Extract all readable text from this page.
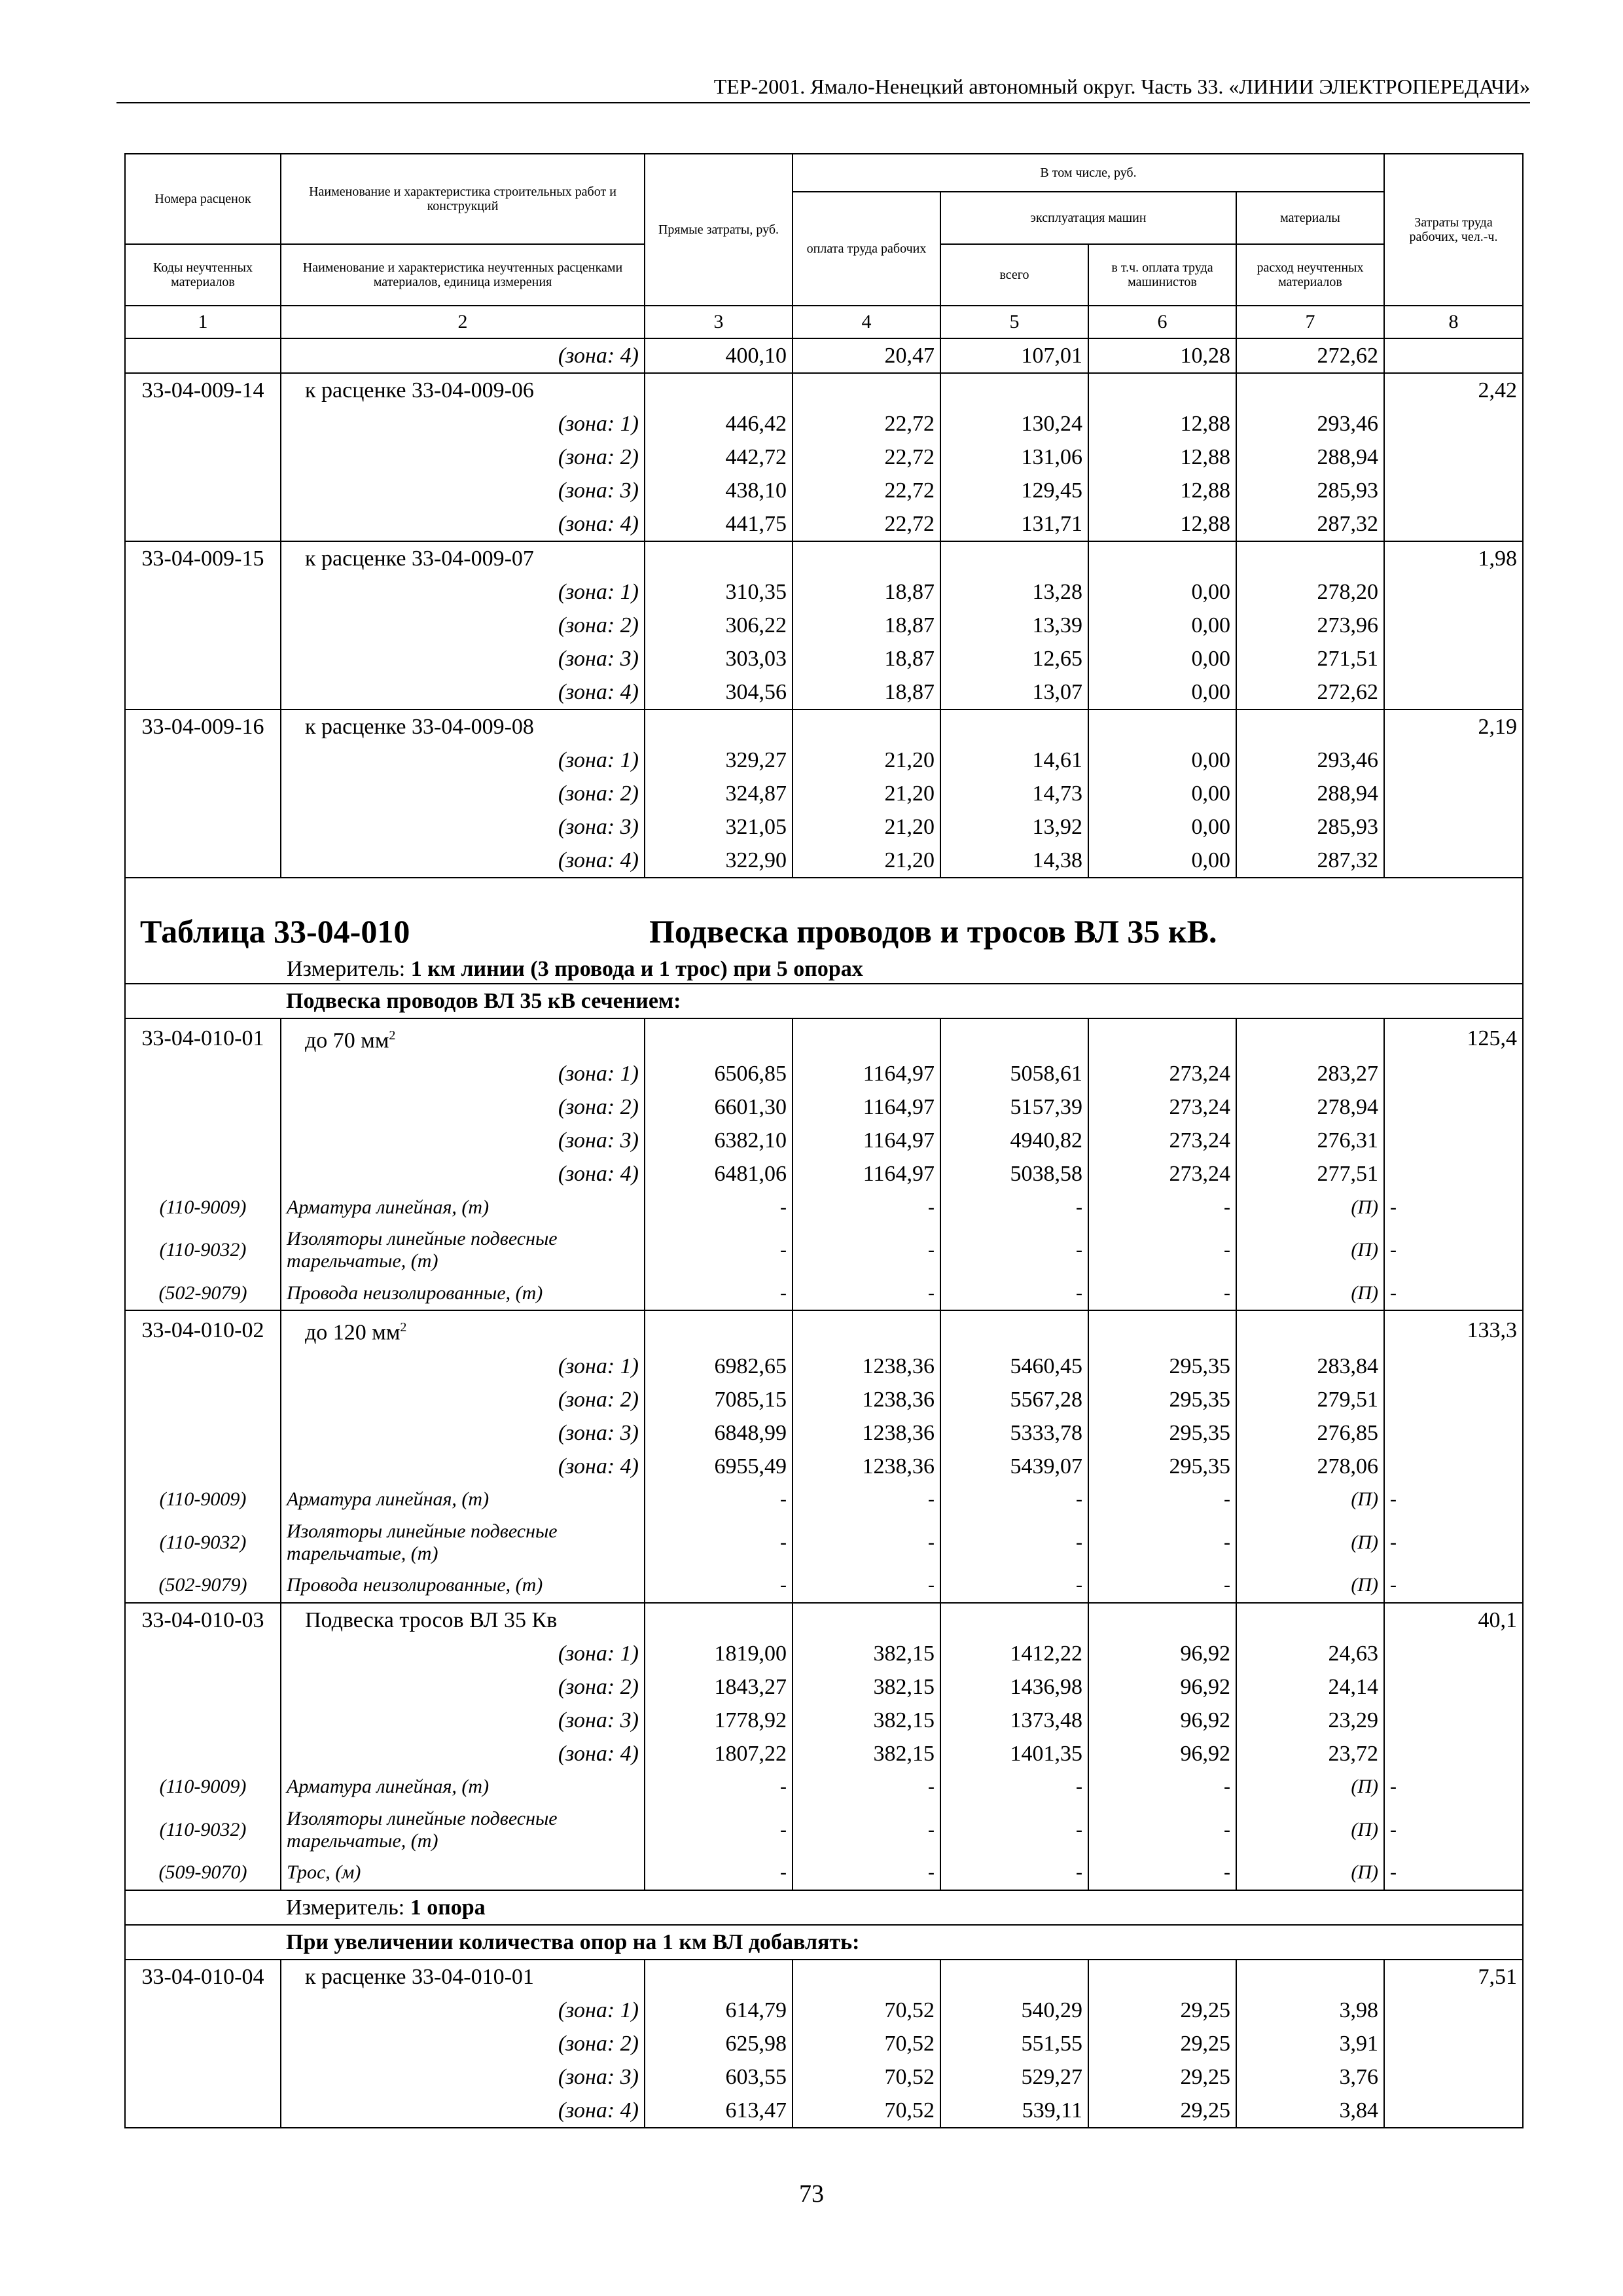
ТЕР-2001. Ямало-Ненецкий автономный округ. Часть 33. «ЛИНИИ ЭЛЕКТРОПЕРЕДАЧИ»
Номера расценок	Наименование и характеристика строительных работ и конструкций	Прямые затраты, руб.	В том числе, руб.				Затраты труда рабочих, чел.-ч.
			оплата труда рабочих	эксплуатация машин		материалы	
Коды неучтенных материалов	Наименование и характеристика неучтенных расценками материалов, единица измерения			всего	в т.ч. оплата труда машинистов	расход неучтенных материалов	
1	2	3	4	5	6	7	8
	(зона: 4)	400,10	20,47	107,01	10,28	272,62	
33-04-009-14	к расценке 33-04-009-06						2,42
	(зона: 1)	446,42	22,72	130,24	12,88	293,46	
	(зона: 2)	442,72	22,72	131,06	12,88	288,94	
	(зона: 3)	438,10	22,72	129,45	12,88	285,93	
	(зона: 4)	441,75	22,72	131,71	12,88	287,32	
33-04-009-15	к расценке 33-04-009-07						1,98
	(зона: 1)	310,35	18,87	13,28	0,00	278,20	
	(зона: 2)	306,22	18,87	13,39	0,00	273,96	
	(зона: 3)	303,03	18,87	12,65	0,00	271,51	
	(зона: 4)	304,56	18,87	13,07	0,00	272,62	
33-04-009-16	к расценке 33-04-009-08						2,19
	(зона: 1)	329,27	21,20	14,61	0,00	293,46	
	(зона: 2)	324,87	21,20	14,73	0,00	288,94	
	(зона: 3)	321,05	21,20	13,92	0,00	285,93	
	(зона: 4)	322,90	21,20	14,38	0,00	287,32	

Таблица 33-04-010 Подвеска проводов и тросов ВЛ 35 кВ.
Измеритель: 1 км линии (3 провода и 1 трос) при 5 опорах							

	Подвеска проводов ВЛ 35 кВ сечением:						
33-04-010-01	до 70 $мм^2$						125,4
	(зона: 1)	6506,85	1164,97	5058,61	273,24	283,27	
	(зона: 2)	6601,30	1164,97	5157,39	273,24	278,94	
	(зона: 3)	6382,10	1164,97	4940,82	273,24	276,31	
	(зона: 4)	6481,06	1164,97	5038,58	273,24	277,51	
(110-9009)	Арматура линейная, (т)	-	-	-	-	(П)	-
(110-9032)	Изоляторы линейные подвесные тарельчатые, (т)	-	-	-	-	(П)	-
(502-9079)	Провода неизолированные, (т)	-	-	-	-	(П)	-
33-04-010-02	до 120 $мм^2$						133,3
	(зона: 1)	6982,65	1238,36	5460,45	295,35	283,84	
	(зона: 2)	7085,15	1238,36	5567,28	295,35	279,51	
	(зона: 3)	6848,99	1238,36	5333,78	295,35	276,85	
	(зона: 4)	6955,49	1238,36	5439,07	295,35	278,06	
(110-9009)	Арматура линейная, (т)	-	-	-	-	(П)	-
(110-9032)	Изоляторы линейные подвесные тарельчатые, (т)	-	-	-	-	(П)	-
(502-9079)	Провода неизолированные, (т)	-	-	-	-	(П)	-
33-04-010-03	Подвеска тросов ВЛ 35 Кв						40,1
	(зона: 1)	1819,00	382,15	1412,22	96,92	24,63	
	(зона: 2)	1843,27	382,15	1436,98	96,92	24,14	
	(зона: 3)	1778,92	382,15	1373,48	96,92	23,29	
	(зона: 4)	1807,22	382,15	1401,35	96,92	23,72	
(110-9009)	Арматура линейная, (т)	-	-	-	-	(П)	-
(110-9032)	Изоляторы линейные подвесные тарельчатые, (т)	-	-	-	-	(П)	-
(509-9070)	Трос, (м)	-	-	-	-	(П)	-
	Измеритель: 1 опора						
	При увеличении количества опор на 1 км ВЛ добавлять:						
33-04-010-04	к расценке 33-04-010-01						7,51
	(зона: 1)	614,79	70,52	540,29	29,25	3,98	
	(зона: 2)	625,98	70,52	551,55	29,25	3,91	
	(зона: 3)	603,55	70,52	529,27	29,25	3,76	
	(зона: 4)	613,47	70,52	539,11	29,25	3,84	
73
